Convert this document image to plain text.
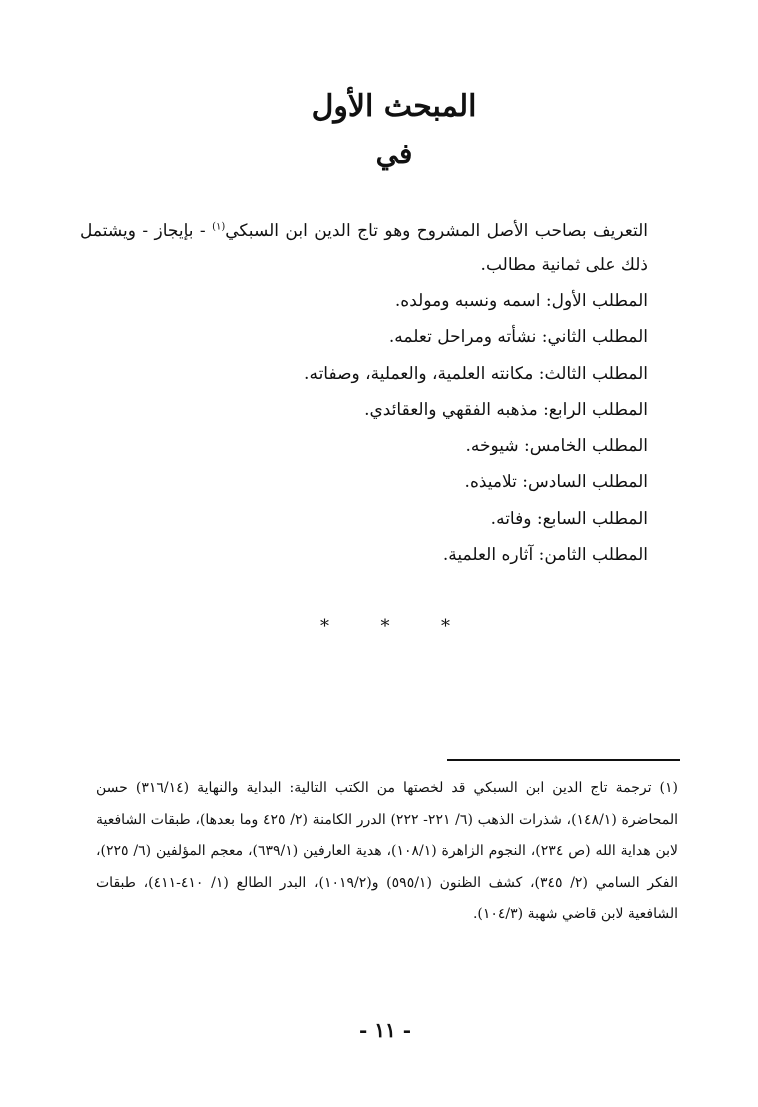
المبحث الأول
في

التعريف بصاحب الأصل المشروح وهو تاج الدين ابن السبكي$^{(١)}$ - بإيجاز - ويشتمل ذلك على ثمانية مطالب.

المطلب الأول: اسمه ونسبه ومولده.
المطلب الثاني: نشأته ومراحل تعلمه.
المطلب الثالث: مكانته العلمية، والعملية، وصفاته.
المطلب الرابع: مذهبه الفقهي والعقائدي.
المطلب الخامس: شيوخه.
المطلب السادس: تلاميذه.
المطلب السابع: وفاته.
المطلب الثامن: آثاره العلمية.
*
*
*

(١) ترجمة تاج الدين ابن السبكي قد لخصتها من الكتب التالية: البداية والنهاية (٣١٦/١٤) حسن المحاضرة (١٤٨/١)، شذرات الذهب (٦/ ٢٢١- ٢٢٢) الدرر الكامنة (٢/ ٤٢٥ وما بعدها)، طبقات الشافعية لابن هداية الله (ص ٢٣٤)، النجوم الزاهرة (١٠٨/١)، هدية العارفين (٦٣٩/١)، معجم المؤلفين (٦/ ٢٢٥)، الفكر السامي (٢/ ٣٤٥)، كشف الظنون (٥٩٥/١) و(١٠١٩/٢)، البدر الطالع (١/ ٤١٠-٤١١)، طبقات الشافعية لابن قاضي شهبة (١٠٤/٣).

- ١١ -
